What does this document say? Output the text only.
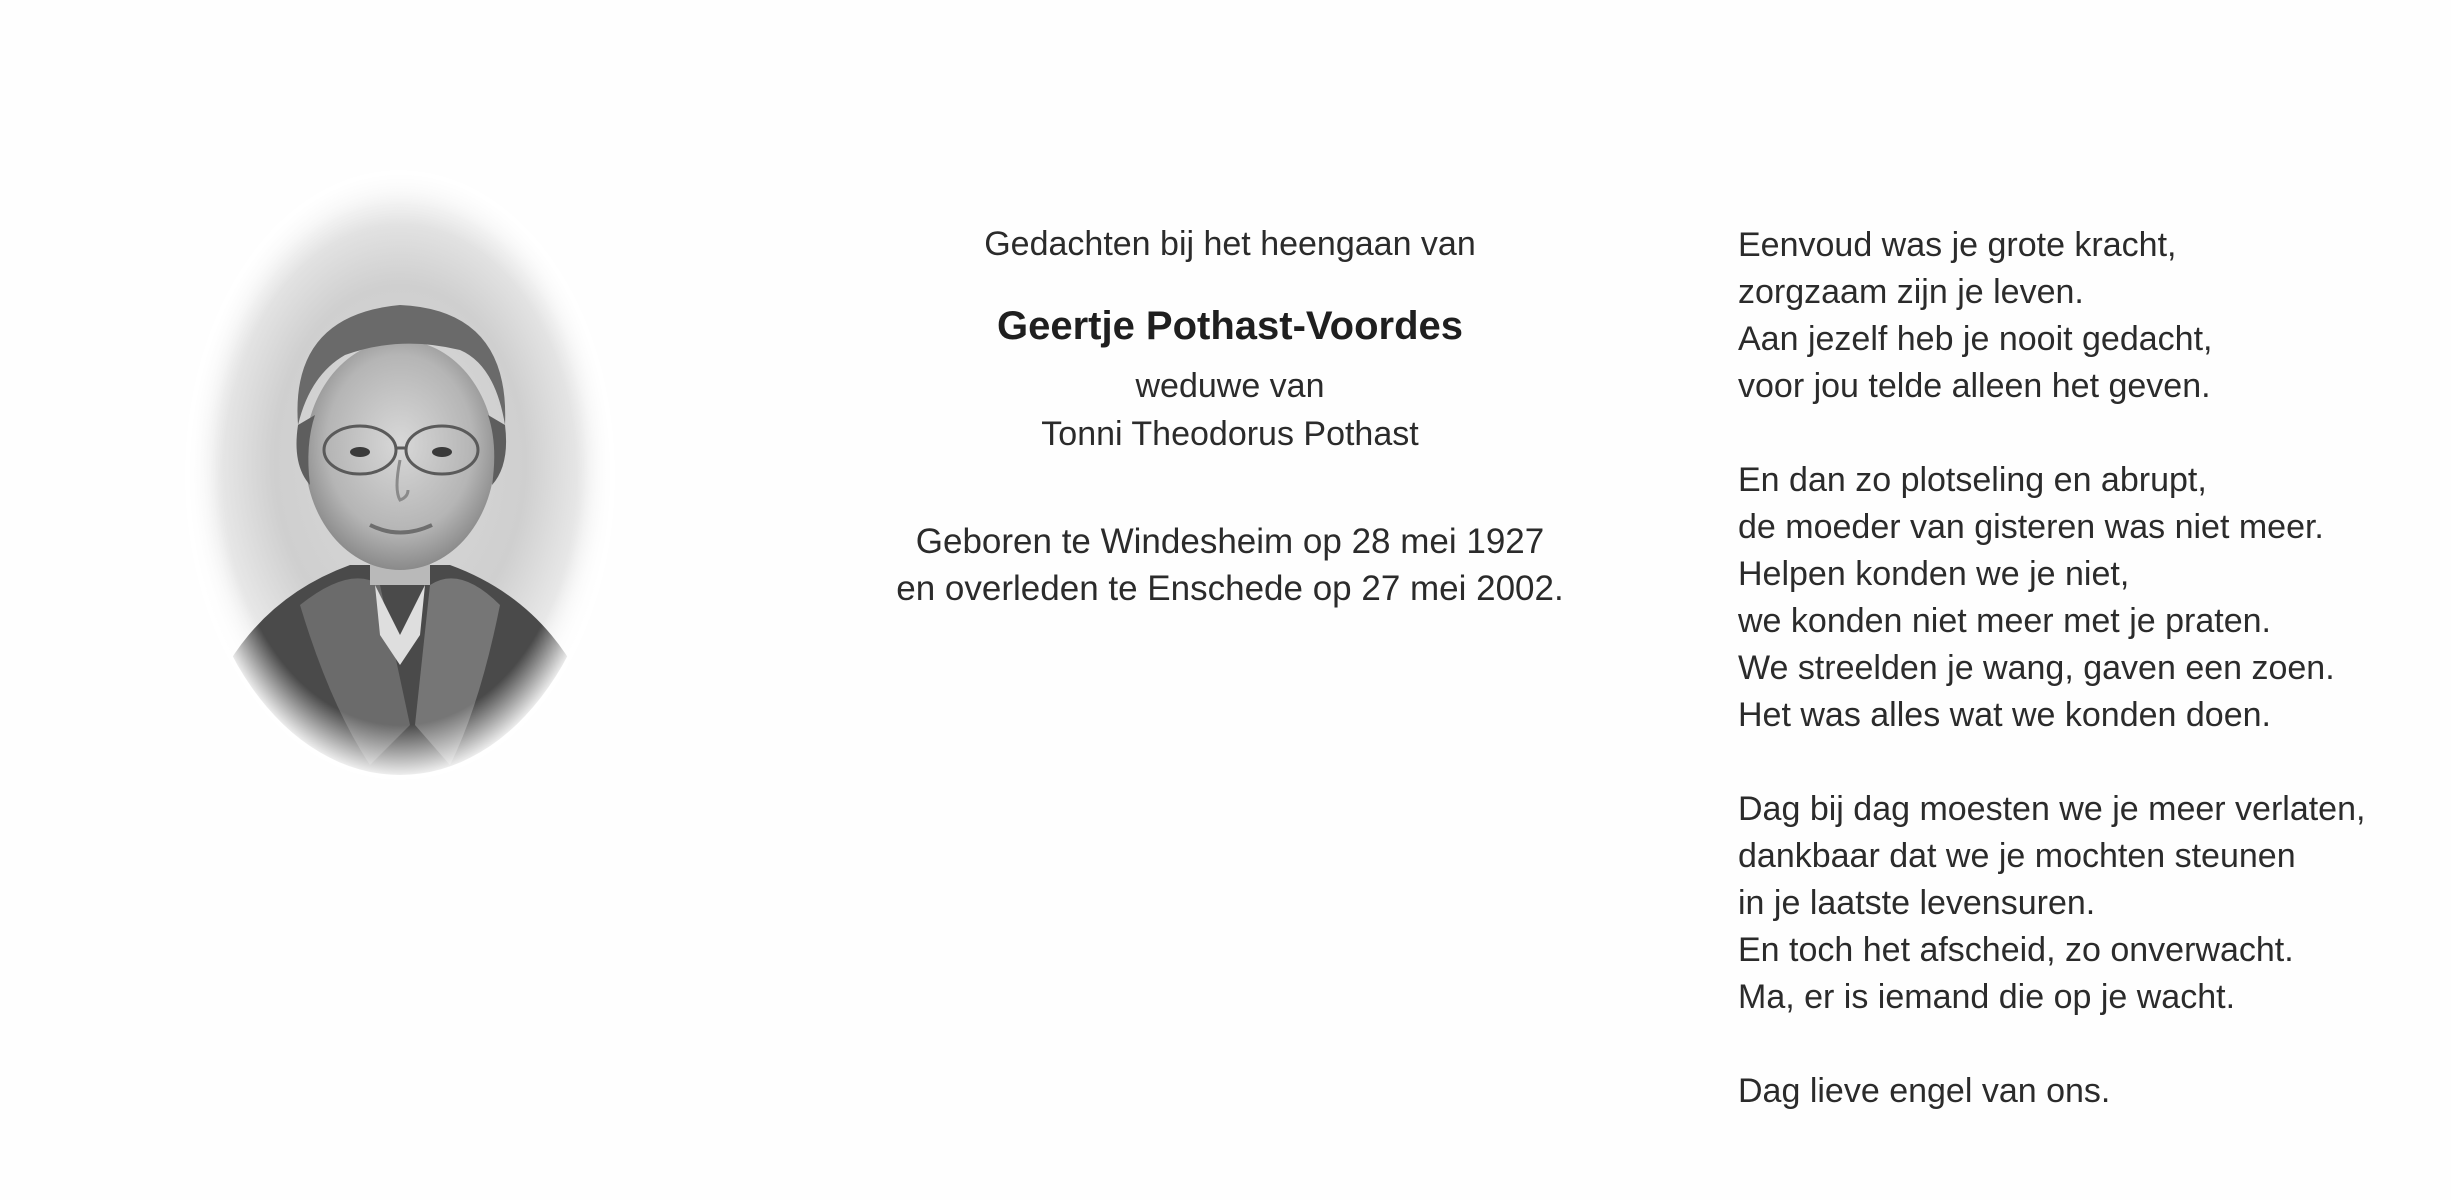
Gedachten bij het heengaan van

Geertje Pothast-Voordes
weduwe van
Tonni Theodorus Pothast
Geboren te Windesheim op 28 mei 1927
en overleden te Enschede op 27 mei 2002.
Eenvoud was je grote kracht,
zorgzaam zijn je leven.
Aan jezelf heb je nooit gedacht,
voor jou telde alleen het geven.
En dan zo plotseling en abrupt,
de moeder van gisteren was niet meer.
Helpen konden we je niet,
we konden niet meer met je praten.
We streelden je wang, gaven een zoen.
Het was alles wat we konden doen.
Dag bij dag moesten we je meer verlaten,
dankbaar dat we je mochten steunen
in je laatste levensuren.
En toch het afscheid, zo onverwacht.
Ma, er is iemand die op je wacht.
Dag lieve engel van ons.
